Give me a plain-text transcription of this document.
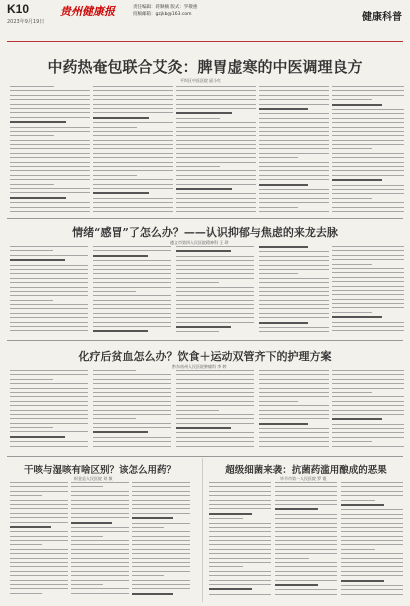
K10
2023年9月19日
贵州健康报	责任编辑：蒋顺楠 版式：罗敬惠
投稿邮箱：gzjkb@163.com	健康科普
中药热奄包联合艾灸：脾胃虚寒的中医调理良方
平坝区中医医院 邱小红
情绪“感冒”了怎么办？——认识抑郁与焦虑的来龙去脉
遵义市第四人民医院精神科 王 珍
化疗后贫血怎么办？饮食＋运动双管齐下的护理方案
黔东南州人民医院肿瘤科 李 婷
干咳与湿咳有啥区别？该怎么用药？
织金县人民医院 刘 敏
超级细菌来袭：抗菌药滥用酿成的恶果
毕节市第一人民医院 罗 霞
